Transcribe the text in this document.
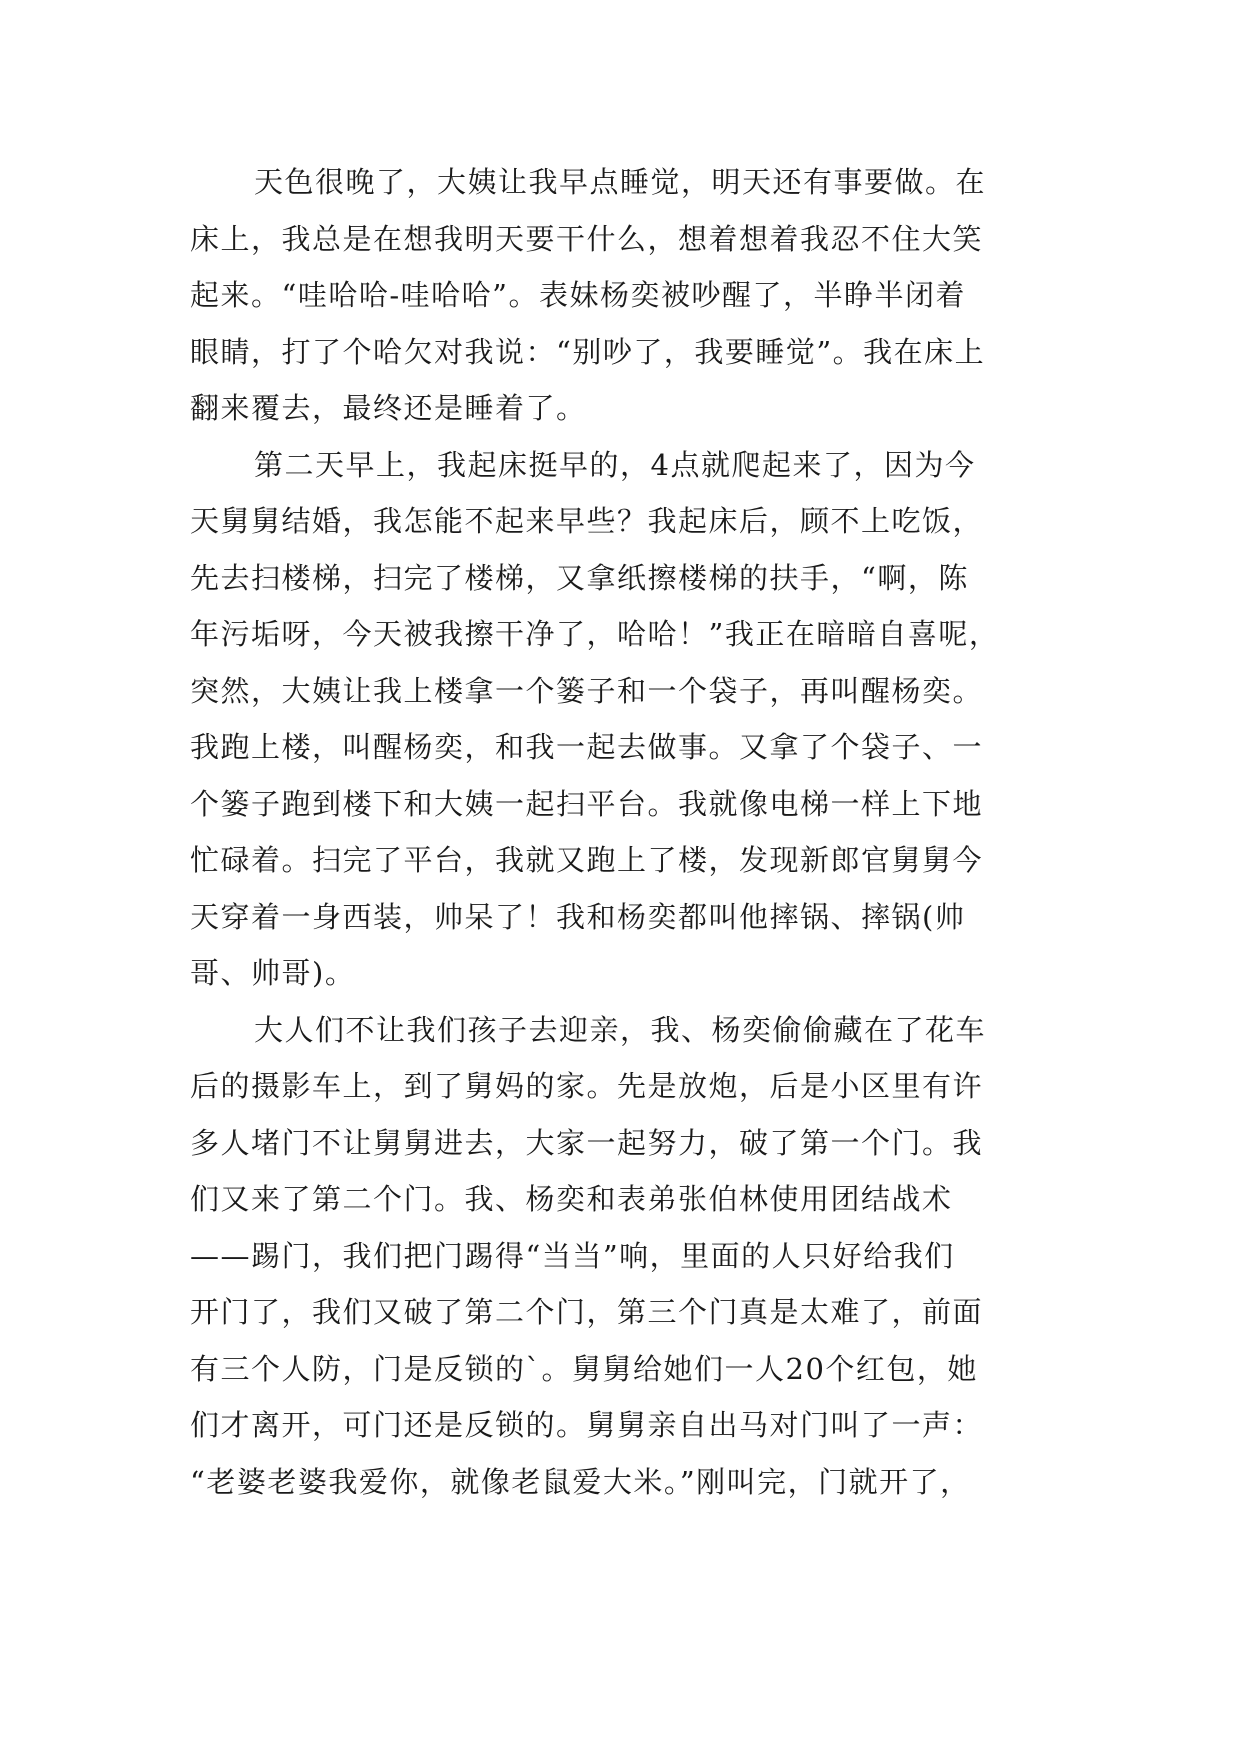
天色很晚了，大姨让我早点睡觉，明天还有事要做。在
床上，我总是在想我明天要干什么，想着想着我忍不住大笑
起来。“哇哈哈-哇哈哈”。表妹杨奕被吵醒了，半睁半闭着
眼睛，打了个哈欠对我说：“别吵了，我要睡觉”。我在床上
翻来覆去，最终还是睡着了。

第二天早上，我起床挺早的，4点就爬起来了，因为今
天舅舅结婚，我怎能不起来早些？我起床后，顾不上吃饭，
先去扫楼梯，扫完了楼梯，又拿纸擦楼梯的扶手，“啊，陈
年污垢呀，今天被我擦干净了，哈哈！”我正在暗暗自喜呢，
突然，大姨让我上楼拿一个篓子和一个袋子，再叫醒杨奕。
我跑上楼，叫醒杨奕，和我一起去做事。又拿了个袋子、一
个篓子跑到楼下和大姨一起扫平台。我就像电梯一样上下地
忙碌着。扫完了平台，我就又跑上了楼，发现新郎官舅舅今
天穿着一身西装，帅呆了！我和杨奕都叫他摔锅、摔锅(帅
哥、帅哥)。

大人们不让我们孩子去迎亲，我、杨奕偷偷藏在了花车
后的摄影车上，到了舅妈的家。先是放炮，后是小区里有许
多人堵门不让舅舅进去，大家一起努力，破了第一个门。我
们又来了第二个门。我、杨奕和表弟张伯林使用团结战术
——踢门，我们把门踢得“当当”响，里面的人只好给我们
开门了，我们又破了第二个门，第三个门真是太难了，前面
有三个人防，门是反锁的`。舅舅给她们一人20个红包，她
们才离开，可门还是反锁的。舅舅亲自出马对门叫了一声：
“老婆老婆我爱你，就像老鼠爱大米。”刚叫完，门就开了，
